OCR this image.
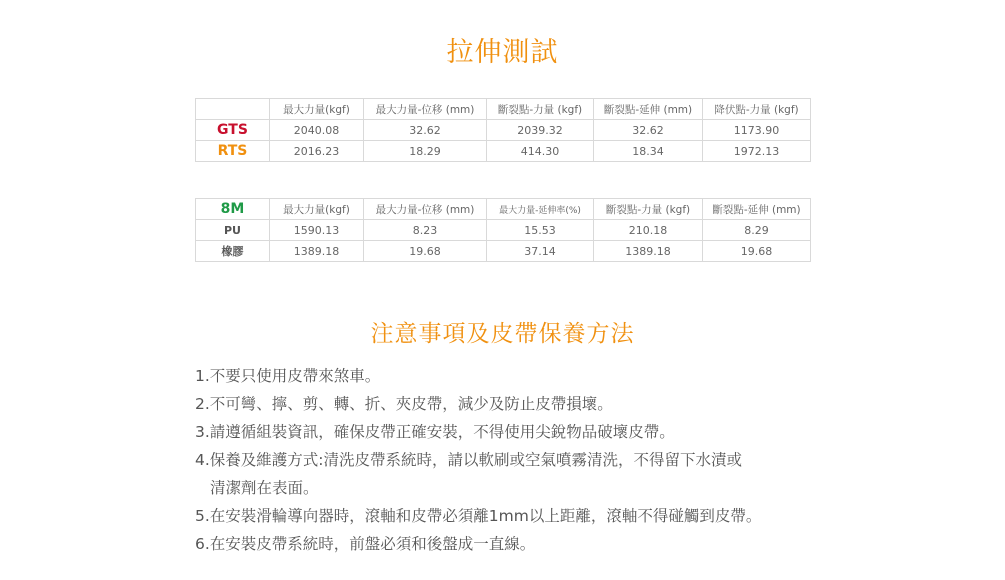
拉伸測試
	最大力量(kgf)	最大力量-位移 (mm)	斷裂點-力量 (kgf)	斷裂點-延伸 (mm)	降伏點-力量 (kgf)
GTS	2040.08	32.62	2039.32	32.62	1173.90
RTS	2016.23	18.29	414.30	18.34	1972.13
8M	最大力量(kgf)	最大力量-位移 (mm)	最大力量-延伸率(%)	斷裂點-力量 (kgf)	斷裂點-延伸 (mm)
PU	1590.13	8.23	15.53	210.18	8.29
橡膠	1389.18	19.68	37.14	1389.18	19.68
注意事項及皮帶保養方法
1.不要只使用皮帶來煞車。
2.不可彎、擰、剪、轉、折、夾皮帶，減少及防止皮帶損壞。
3.請遵循組裝資訊，確保皮帶正確安裝，不得使用尖銳物品破壞皮帶。
4.保養及維護方式:清洗皮帶系統時，請以軟刷或空氣噴霧清洗，不得留下水漬或
清潔劑在表面。
5.在安裝滑輪導向器時，滾軸和皮帶必須離1mm以上距離，滾軸不得碰觸到皮帶。
6.在安裝皮帶系統時，前盤必須和後盤成一直線。
